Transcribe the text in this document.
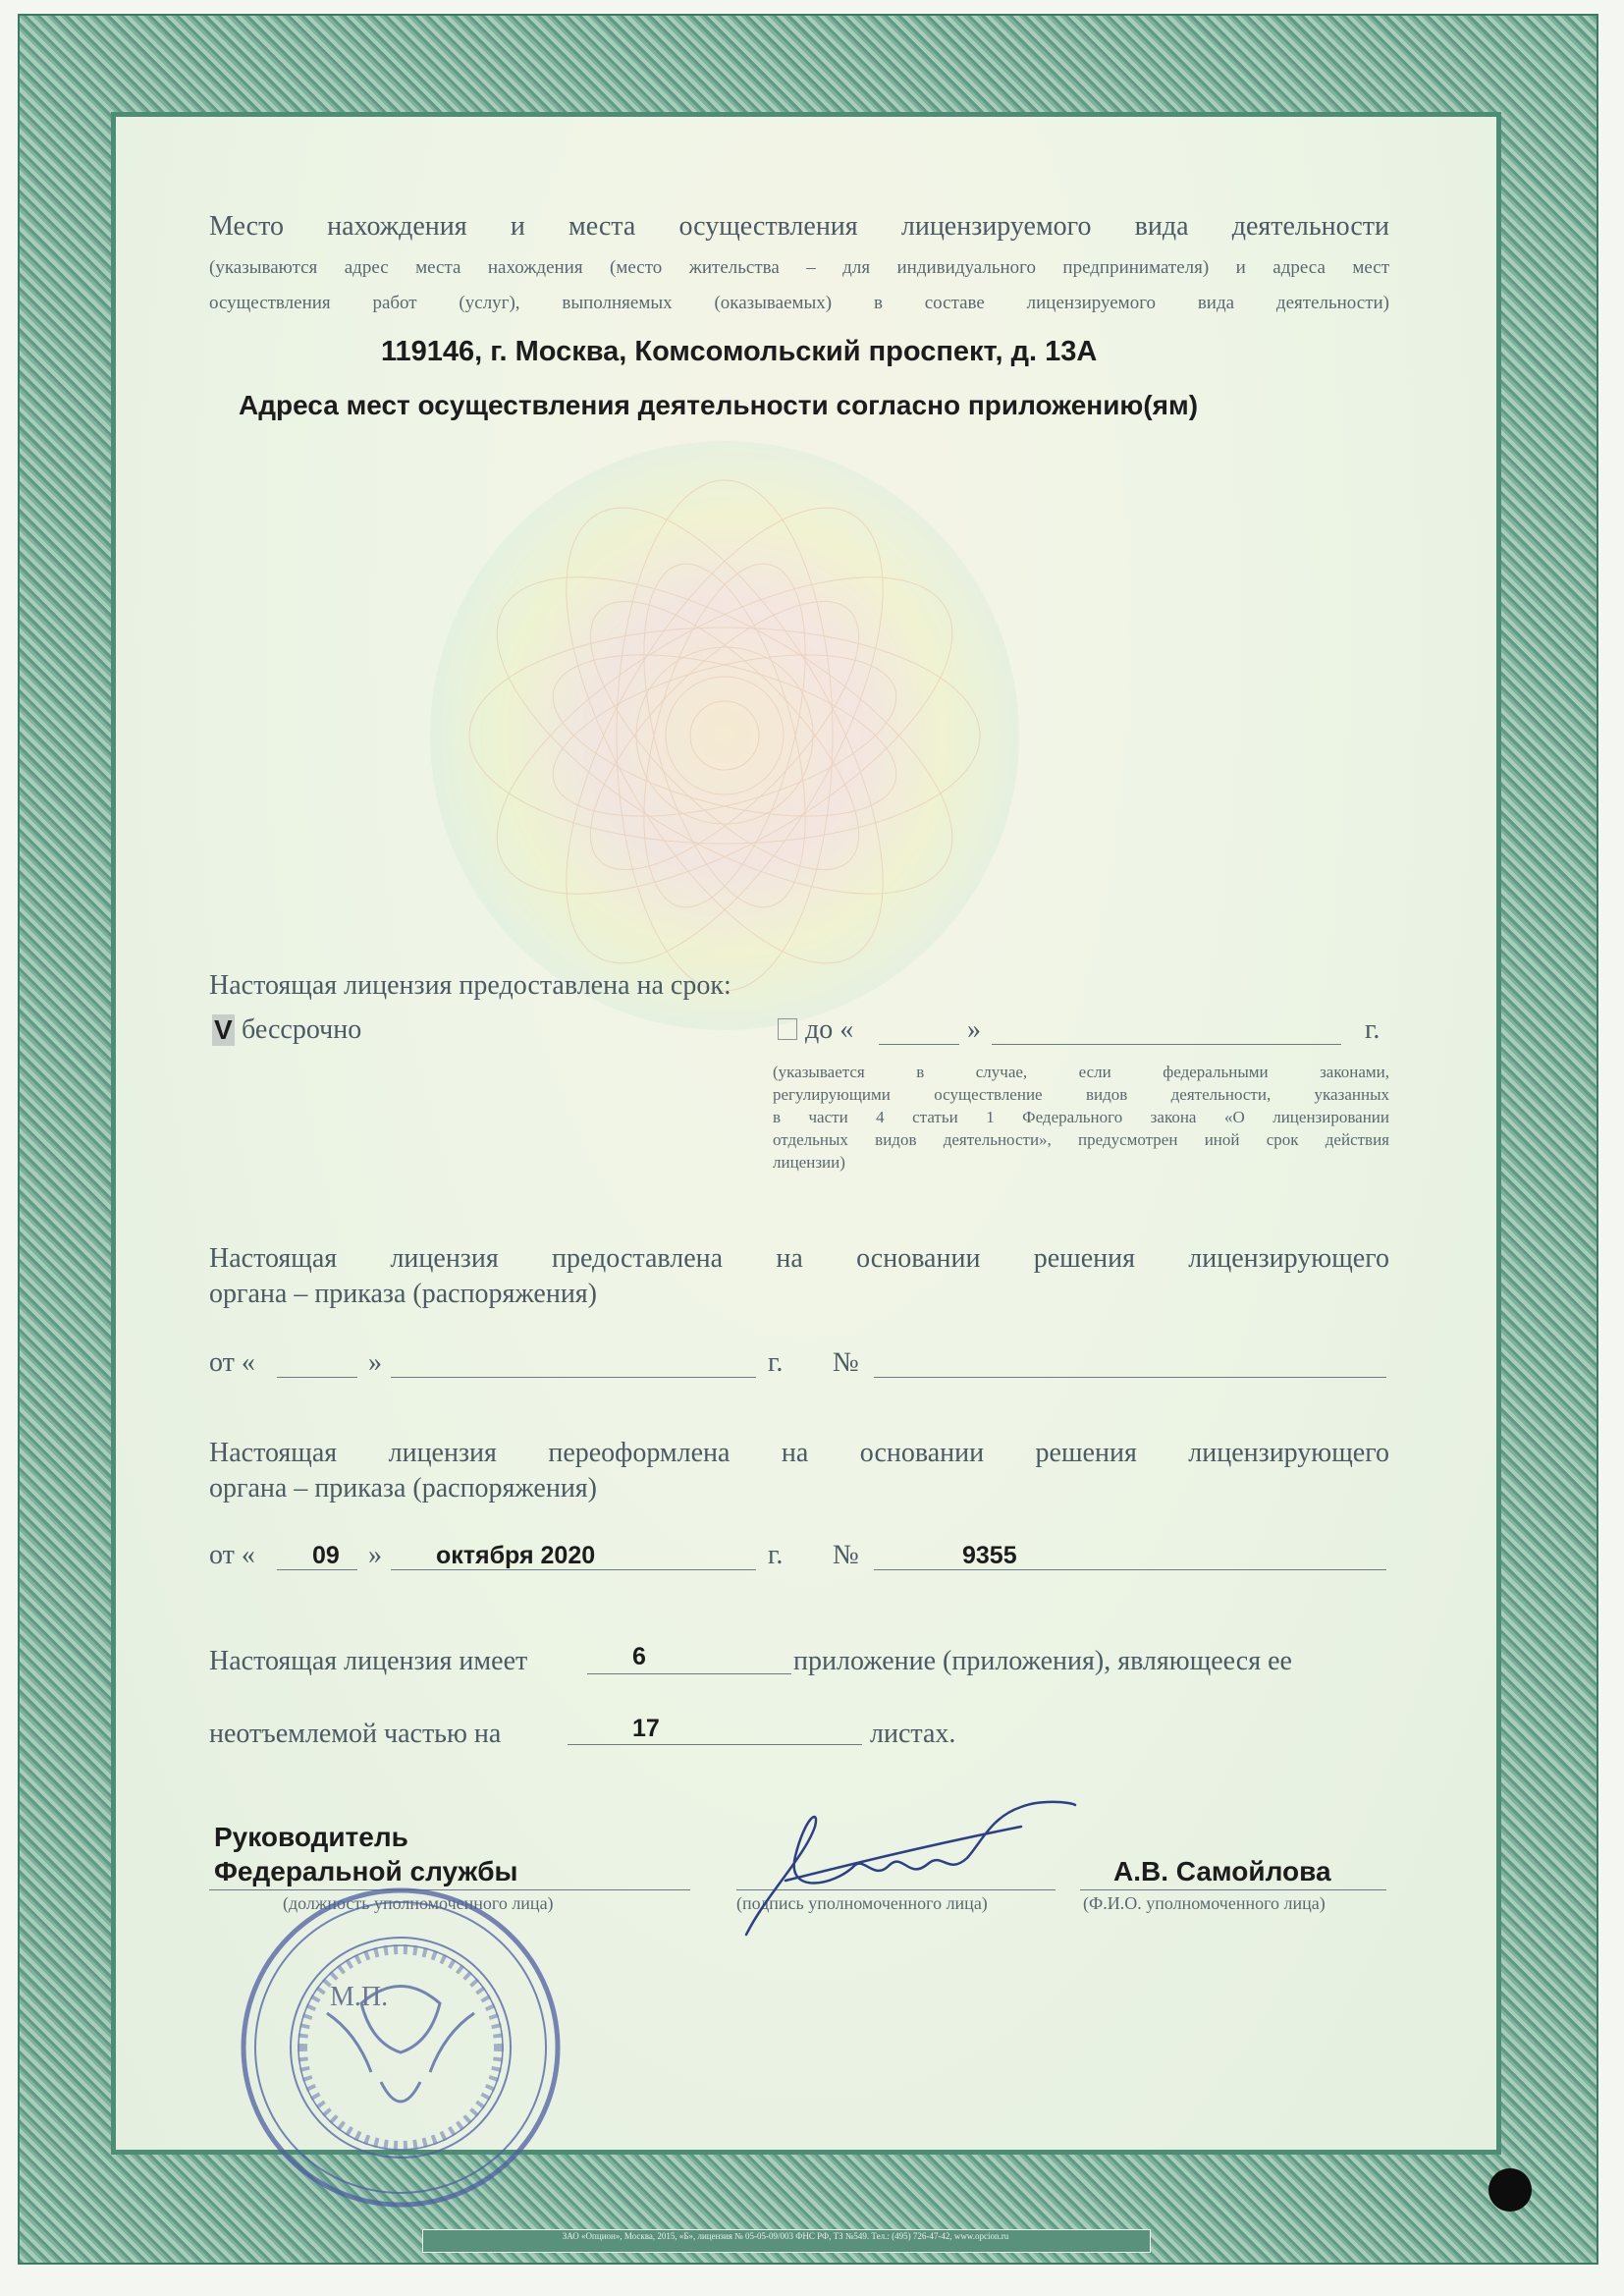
Место нахождения и места осуществления лицензируемого вида деятельности
(указываются адрес места нахождения (место жительства – для индивидуального предпринимателя) и адреса мест
осуществления работ (услуг), выполняемых (оказываемых) в составе лицензируемого вида деятельности)
119146, г. Москва, Комсомольский проспект, д. 13А
Адреса мест осуществления деятельности согласно приложению(ям)
Настоящая лицензия предоставлена на срок:
V бессрочно	до «	»	г.
(указывается в случае, если федеральными законами,
регулирующими осуществление видов деятельности, указанных
в части 4 статьи 1 Федерального закона «О лицензировании
отдельных видов деятельности», предусмотрен иной срок действия
лицензии)
Настоящая лицензия предоставлена на основании решения лицензирующего
органа – приказа (распоряжения)
от «	»	г. №
Настоящая лицензия переоформлена на основании решения лицензирующего
органа – приказа (распоряжения)
от « 09 » октября 2020	г. №	9355
Настоящая лицензия имеет	6	приложение (приложения), являющееся ее
неотъемлемой частью на	17	листах.
Руководитель
Федеральной службы
(должность уполномоченного лица)	(подпись уполномоченного лица)
А.В. Самойлова
(Ф.И.О. уполномоченного лица)
М.П.
ЗАО «Опцион», Москва, 2015, «Б», лицензия № 05-05-09/003 ФНС РФ, ТЗ №549. Тел.: (495) 726-47-42, www.opcion.ru
